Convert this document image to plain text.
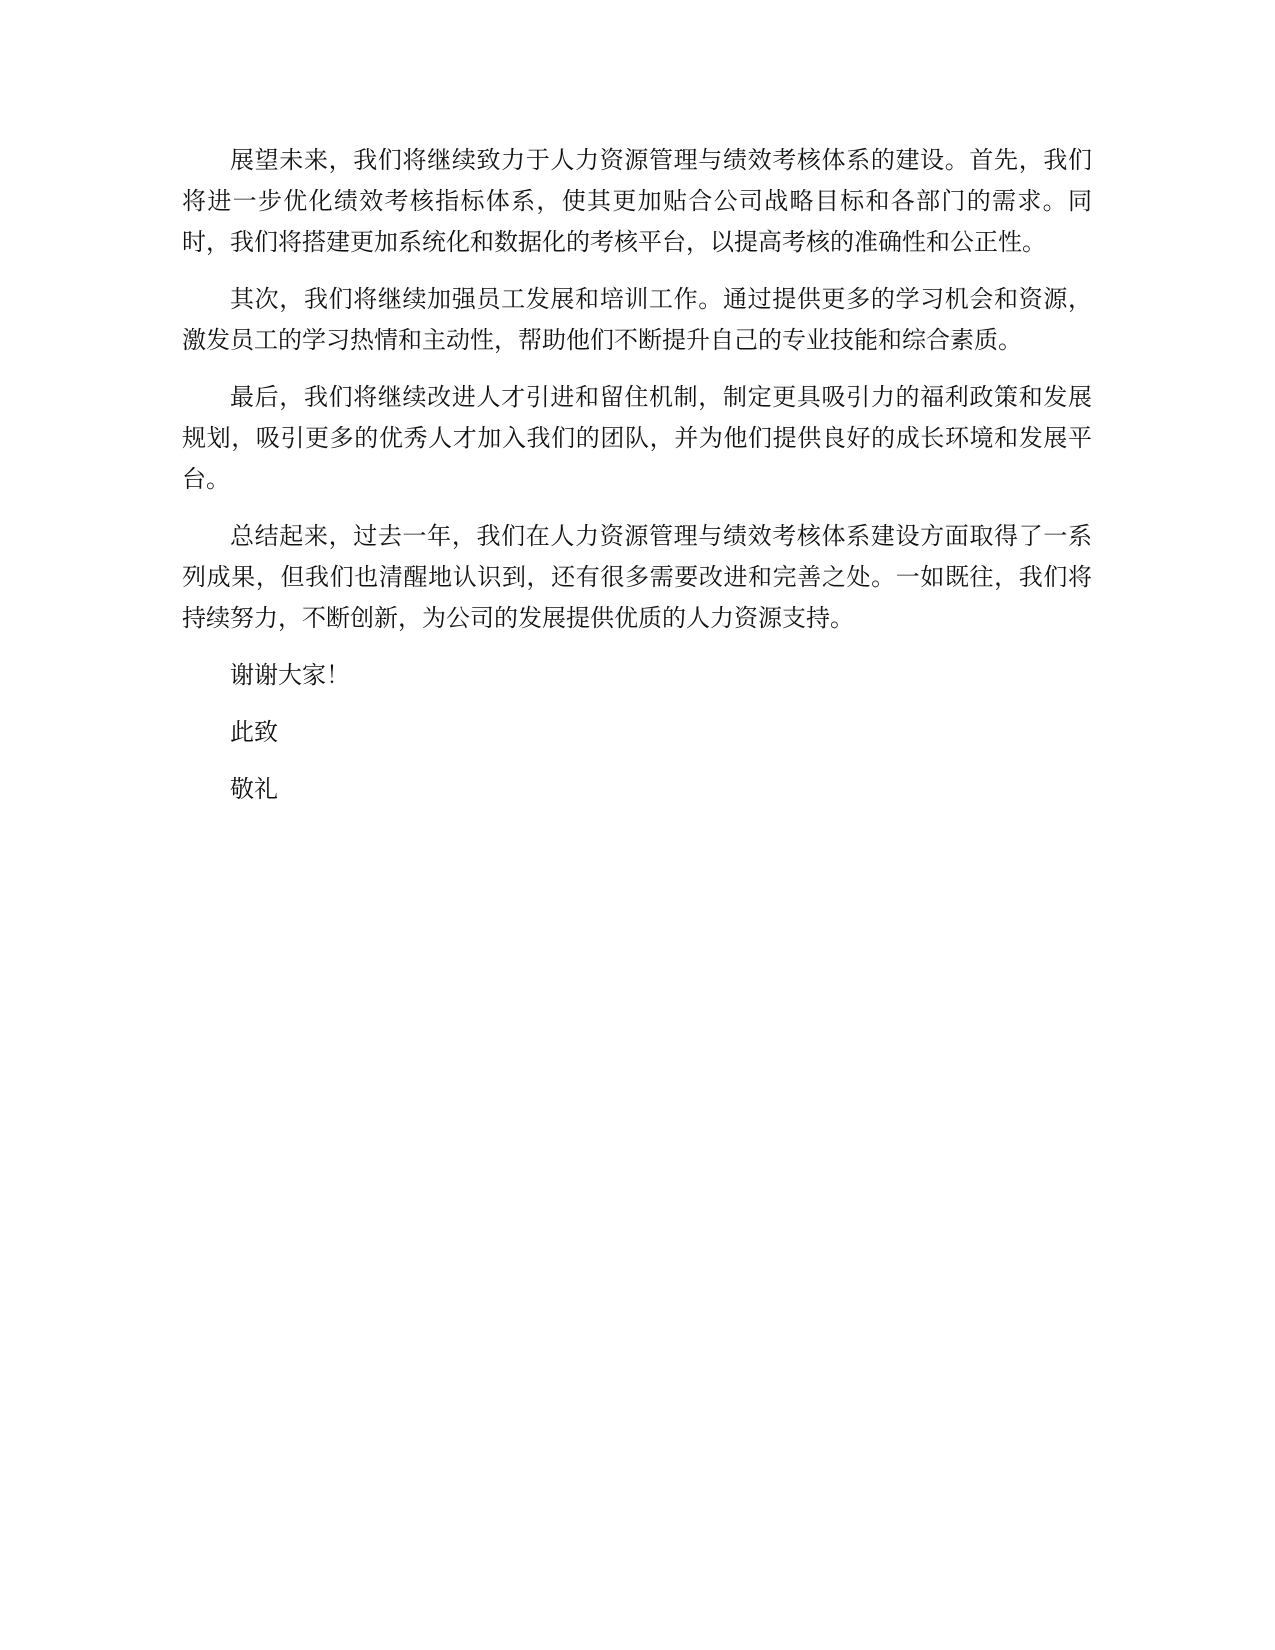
展望未来，我们将继续致力于人力资源管理与绩效考核体系的建设。首先，我们将进一步优化绩效考核指标体系，使其更加贴合公司战略目标和各部门的需求。同时，我们将搭建更加系统化和数据化的考核平台，以提高考核的准确性和公正性。

其次，我们将继续加强员工发展和培训工作。通过提供更多的学习机会和资源，激发员工的学习热情和主动性，帮助他们不断提升自己的专业技能和综合素质。

最后，我们将继续改进人才引进和留住机制，制定更具吸引力的福利政策和发展规划，吸引更多的优秀人才加入我们的团队，并为他们提供良好的成长环境和发展平台。

总结起来，过去一年，我们在人力资源管理与绩效考核体系建设方面取得了一系列成果，但我们也清醒地认识到，还有很多需要改进和完善之处。一如既往，我们将持续努力，不断创新，为公司的发展提供优质的人力资源支持。

谢谢大家！

此致

敬礼
